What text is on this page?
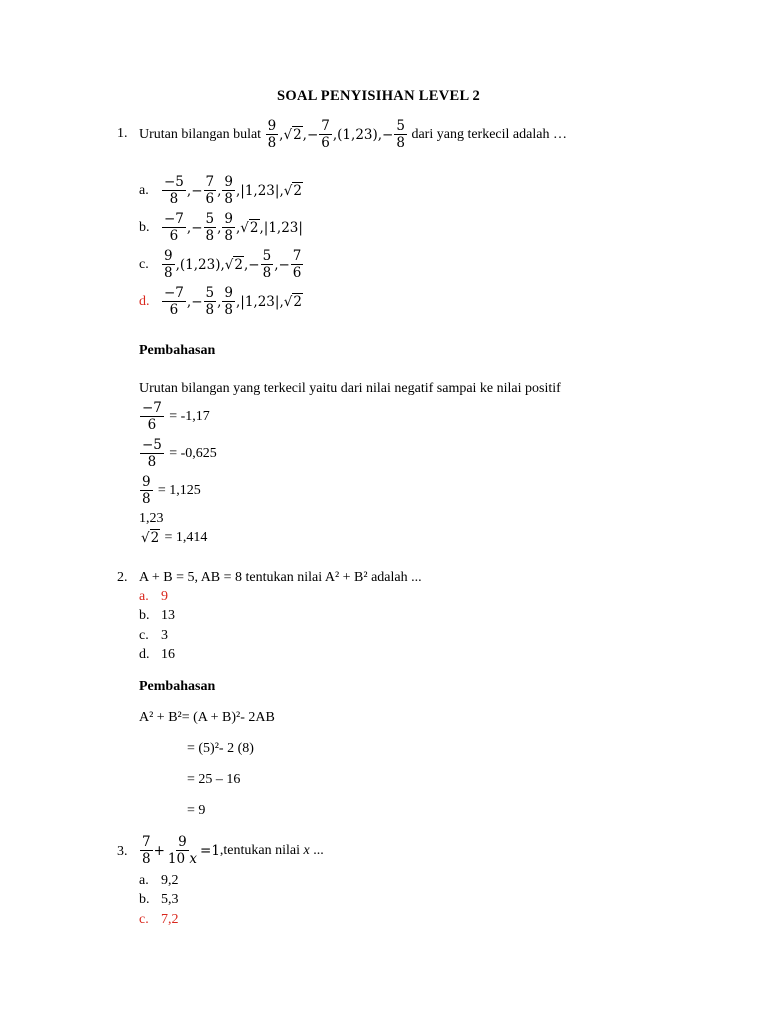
SOAL PENYISIHAN LEVEL 2
1. Urutan bilangan bulat
$\frac{9}{8}$ , √2 ,− $\frac{7}{6} ,(1,23),- \frac{5}{8}$
dari yang terkecil adalah …
a. $\frac{-5}{8}$ ,− $\frac{7}{6}$ , $\frac{9}{8} ,|1,23|$, √2
b. $\frac{-7}{6}$ ,− $\frac{5}{8}$ , $\frac{9}{8}$ , √2 ,|1,23|
c. $\frac{9}{8} ,(1,23)$, √2 ,− $\frac{5}{8}$ ,− $\frac{7}{6}$
d. $\frac{-7}{6}$ ,− $\frac{5}{8}$ , $\frac{9}{8} ,|1,23|$, √2
Pembahasan
Urutan bilangan yang terkecil yaitu dari nilai negatif sampai ke nilai positif
$\frac{-7}{6}$
= -1,17
$\frac{-5}{8}$
= -0,625
$\frac{9}{8}$
= 1,125
1,23
√2
= 1,414
2. A + B = 5, AB = 8 tentukan nilai A² + B² adalah ...
a. 9
b. 13
c. 3
d. 16
Pembahasan
A² + B²= (A + B)²- 2AB
= (5)²- 2 (8)
= 25 – 16
= 9
3. $\frac{7}{8} + \frac{9}{10 x} =1$ ,tentukan nilai
x
...
a. 9,2
b. 5,3
c. 7,2
